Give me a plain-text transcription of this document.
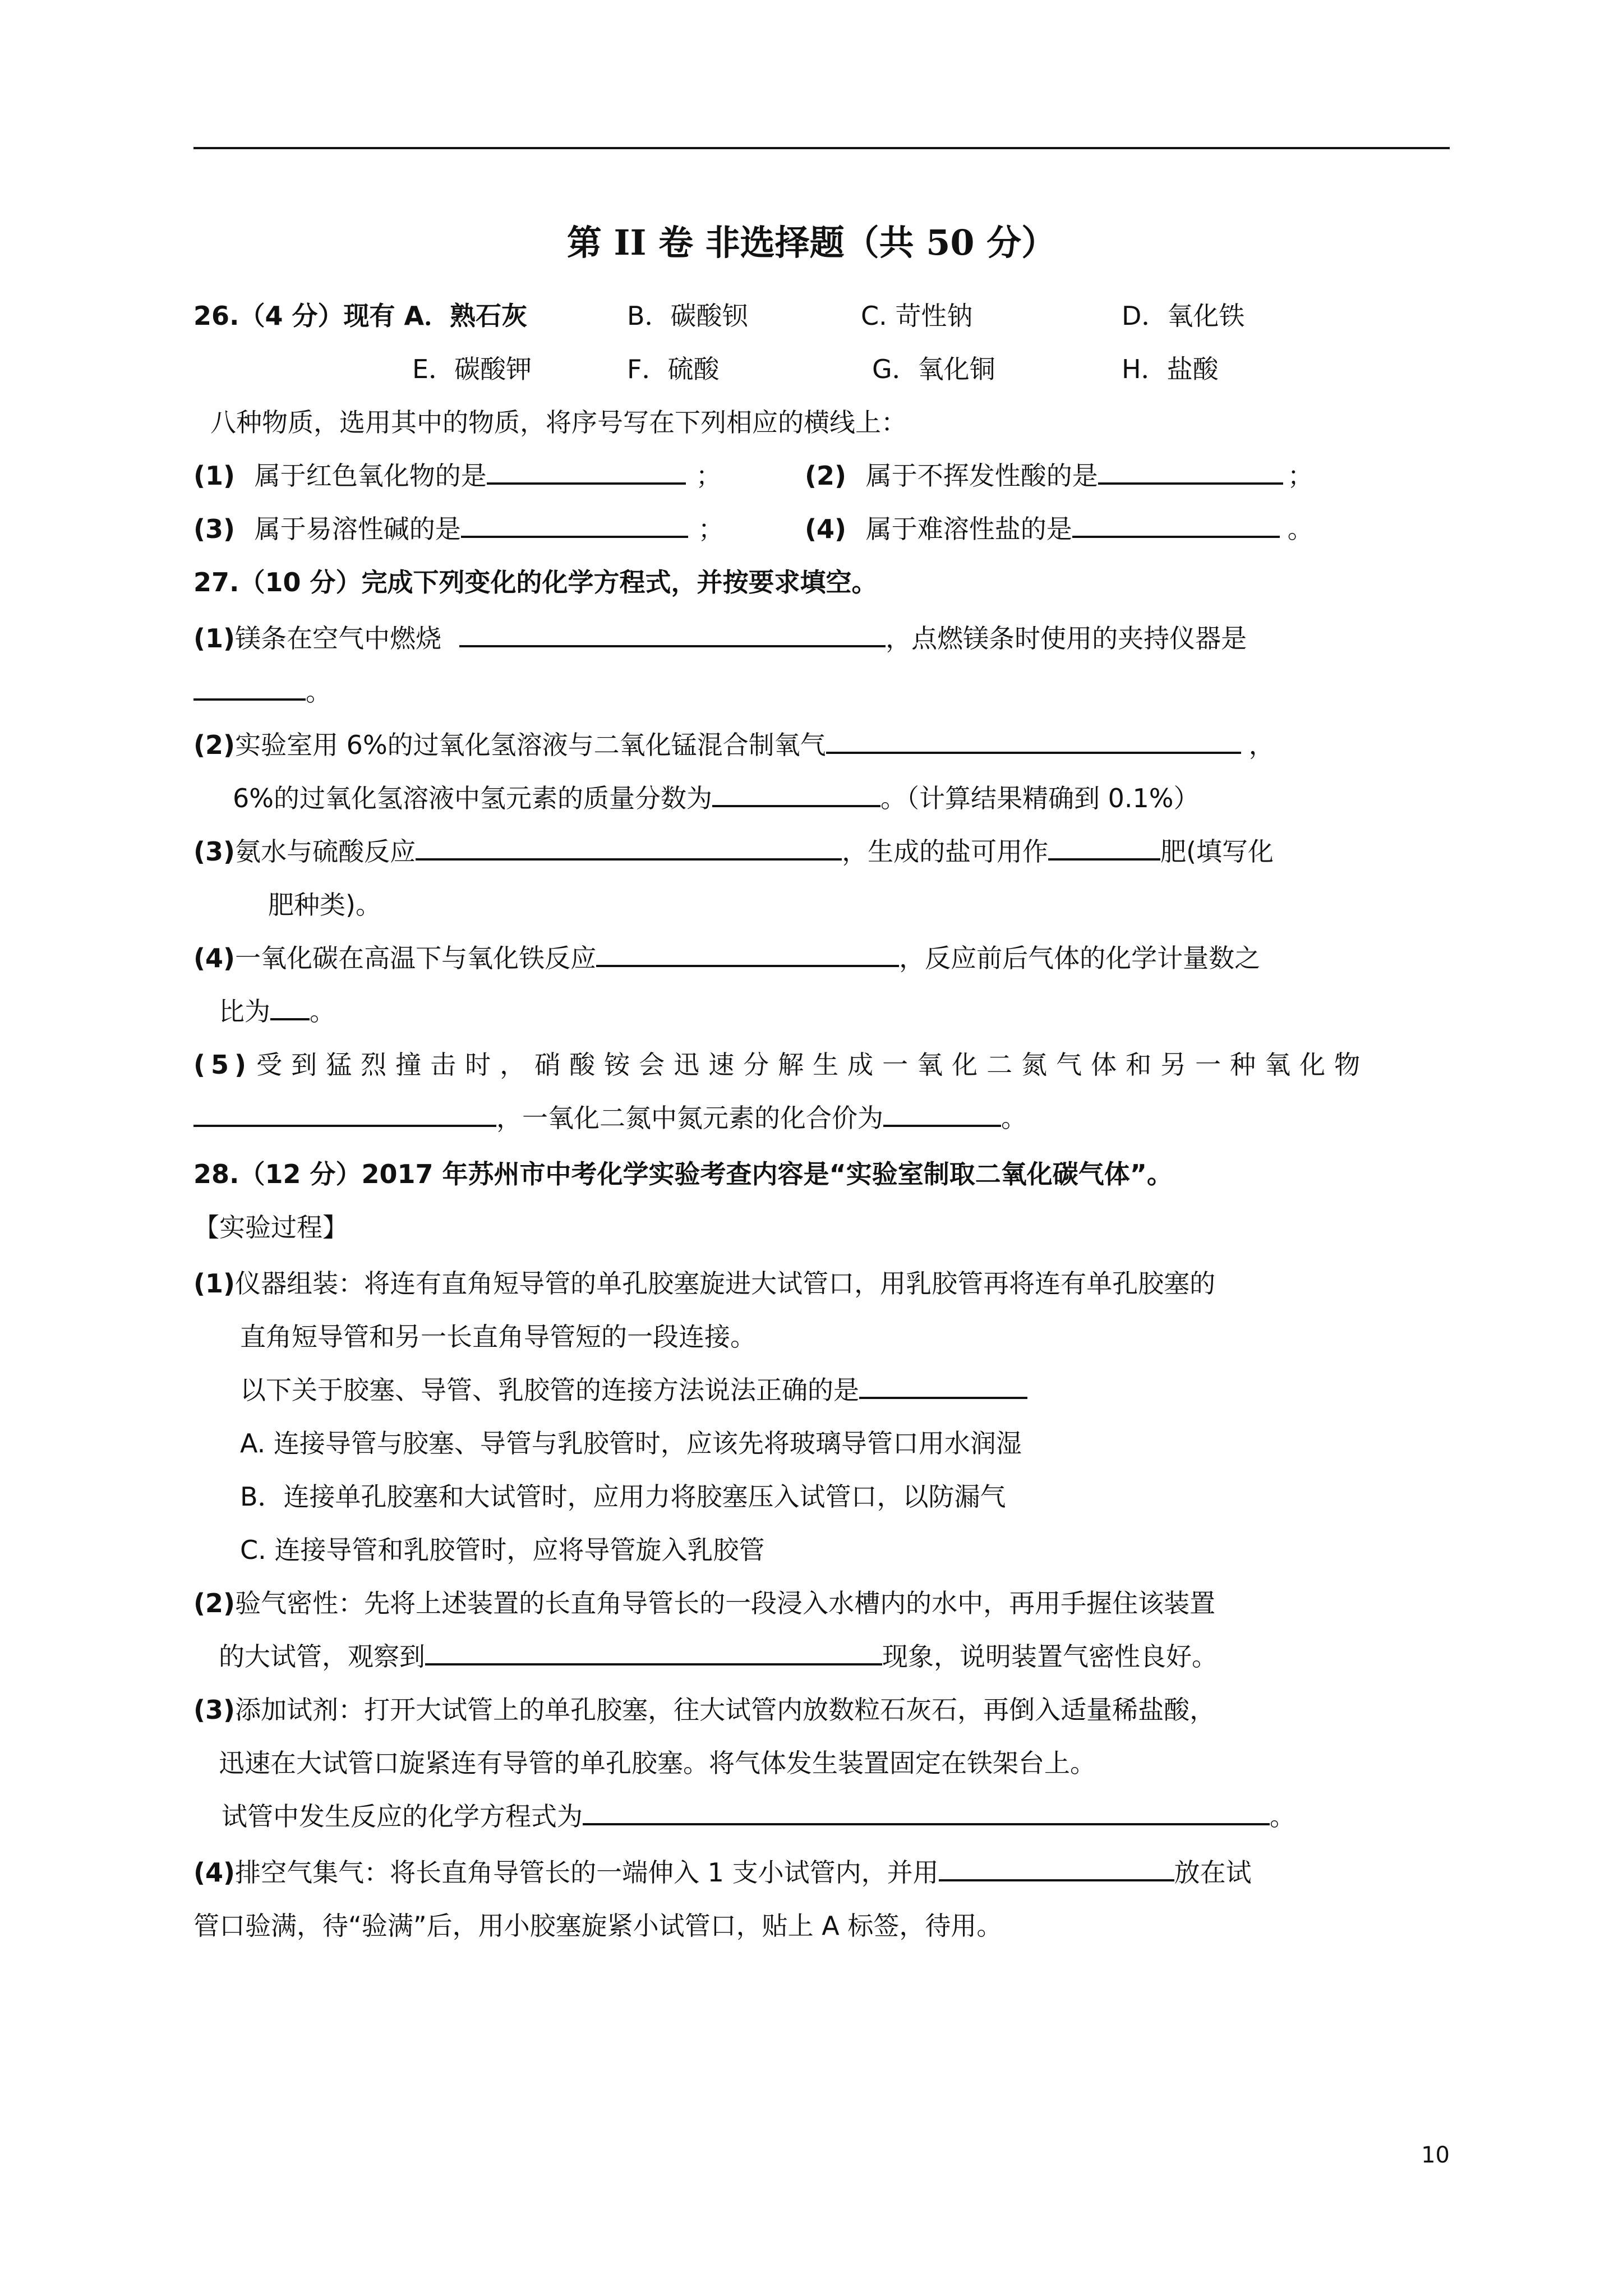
第 II 卷 非选择题（共 50 分）
26.（4 分）现有 A．熟石灰	B．碳酸钡	C. 苛性钠	D．氧化铁
E．碳酸钾	F．硫酸	G．氧化铜	H．盐酸
八种物质，选用其中的物质，将序号写在下列相应的横线上：
(1) 属于红色氧化物的是	；	(2) 属于不挥发性酸的是	；
(3) 属于易溶性碱的是	；	(4) 属于难溶性盐的是	。
27.（10 分）完成下列变化的化学方程式，并按要求填空。
(1)镁条在空气中燃烧	，点燃镁条时使用的夹持仪器是
。
(2)实验室用 6%的过氧化氢溶液与二氧化锰混合制氧气	，
6%的过氧化氢溶液中氢元素的质量分数为	。（计算结果精确到 0.1%）
(3)氨水与硫酸反应	，生成的盐可用作	肥(填写化
肥种类)。
(4)一氧化碳在高温下与氧化铁反应	，反应前后气体的化学计量数之
比为 。
(5) 受到猛烈撞击时，硝酸铵会迅速分解生成一氧化二氮气体和另一种氧化物
，一氧化二氮中氮元素的化合价为	。
28.（12 分）2017 年苏州市中考化学实验考查内容是“实验室制取二氧化碳气体”。
【实验过程】
(1)仪器组装：将连有直角短导管的单孔胶塞旋进大试管口，用乳胶管再将连有单孔胶塞的
直角短导管和另一长直角导管短的一段连接。
以下关于胶塞、导管、乳胶管的连接方法说法正确的是
A. 连接导管与胶塞、导管与乳胶管时，应该先将玻璃导管口用水润湿
B．连接单孔胶塞和大试管时，应用力将胶塞压入试管口，以防漏气
C. 连接导管和乳胶管时，应将导管旋入乳胶管
(2)验气密性：先将上述装置的长直角导管长的一段浸入水槽内的水中，再用手握住该装置
的大试管，观察到	现象，说明装置气密性良好。
(3)添加试剂：打开大试管上的单孔胶塞，往大试管内放数粒石灰石，再倒入适量稀盐酸，
迅速在大试管口旋紧连有导管的单孔胶塞。将气体发生装置固定在铁架台上。
试管中发生反应的化学方程式为	。
(4)排空气集气：将长直角导管长的一端伸入 1 支小试管内，并用	放在试
管口验满，待“验满”后，用小胶塞旋紧小试管口，贴上 A 标签，待用。
10
